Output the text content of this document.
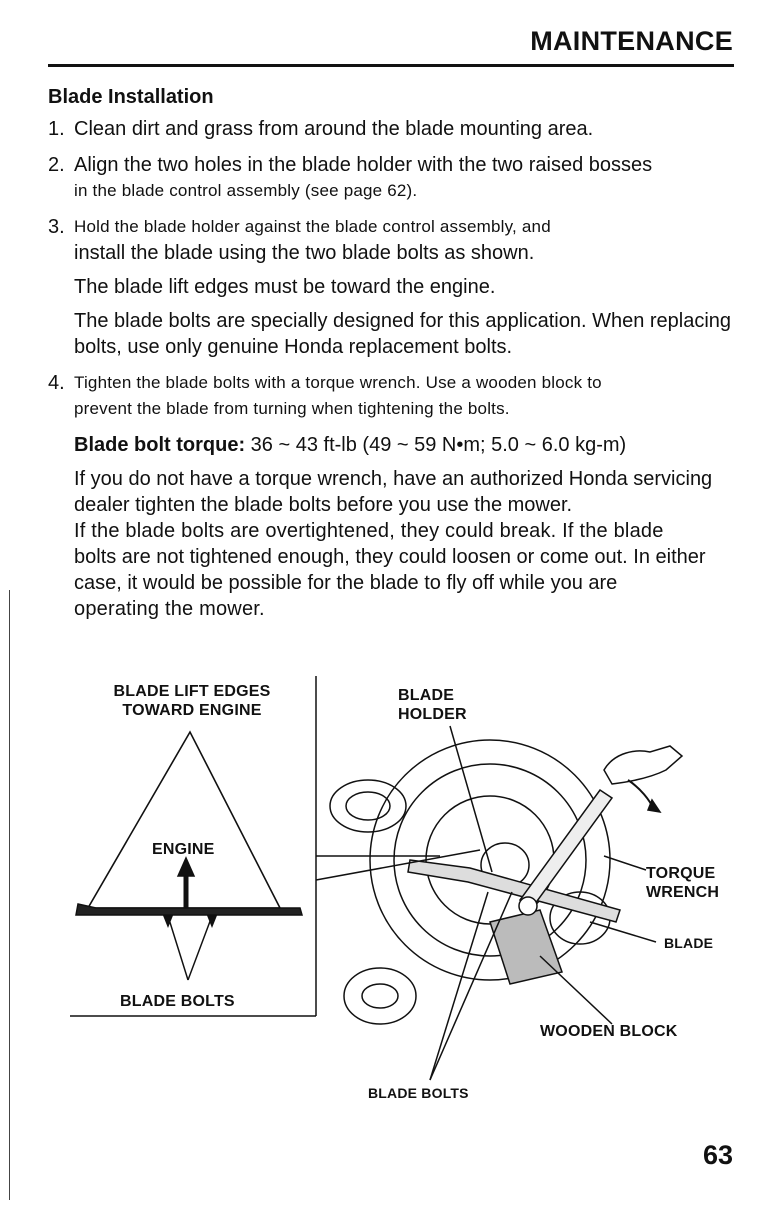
MAINTENANCE
Blade Installation
1. Clean dirt and grass from around the blade mounting area.
2. Align the two holes in the blade holder with the two raised bosses
in the blade control assembly (see page 62).
3. Hold the blade holder against the blade control assembly, and
install the blade using the two blade bolts as shown.
The blade lift edges must be toward the engine.
The blade bolts are specially designed for this application. When replacing bolts, use only genuine Honda replacement bolts.
4. Tighten the blade bolts with a torque wrench. Use a wooden block to
prevent the blade from turning when tightening the bolts.
Blade bolt torque: 36 ~ 43 ft-lb (49 ~ 59 N•m; 5.0 ~ 6.0 kg-m)
If you do not have a torque wrench, have an authorized Honda servicing dealer tighten the blade bolts before you use the mower.
If the blade bolts are overtightened, they could break. If the blade
bolts are not tightened enough, they could loosen or come out. In either case, it would be possible for the blade to fly off while you are
operating the mower.
BLADE LIFT EDGES
TOWARD ENGINE
ENGINE
BLADE BOLTS
BLADE
HOLDER
TORQUE
WRENCH
BLADE
WOODEN BLOCK
BLADE BOLTS
63
